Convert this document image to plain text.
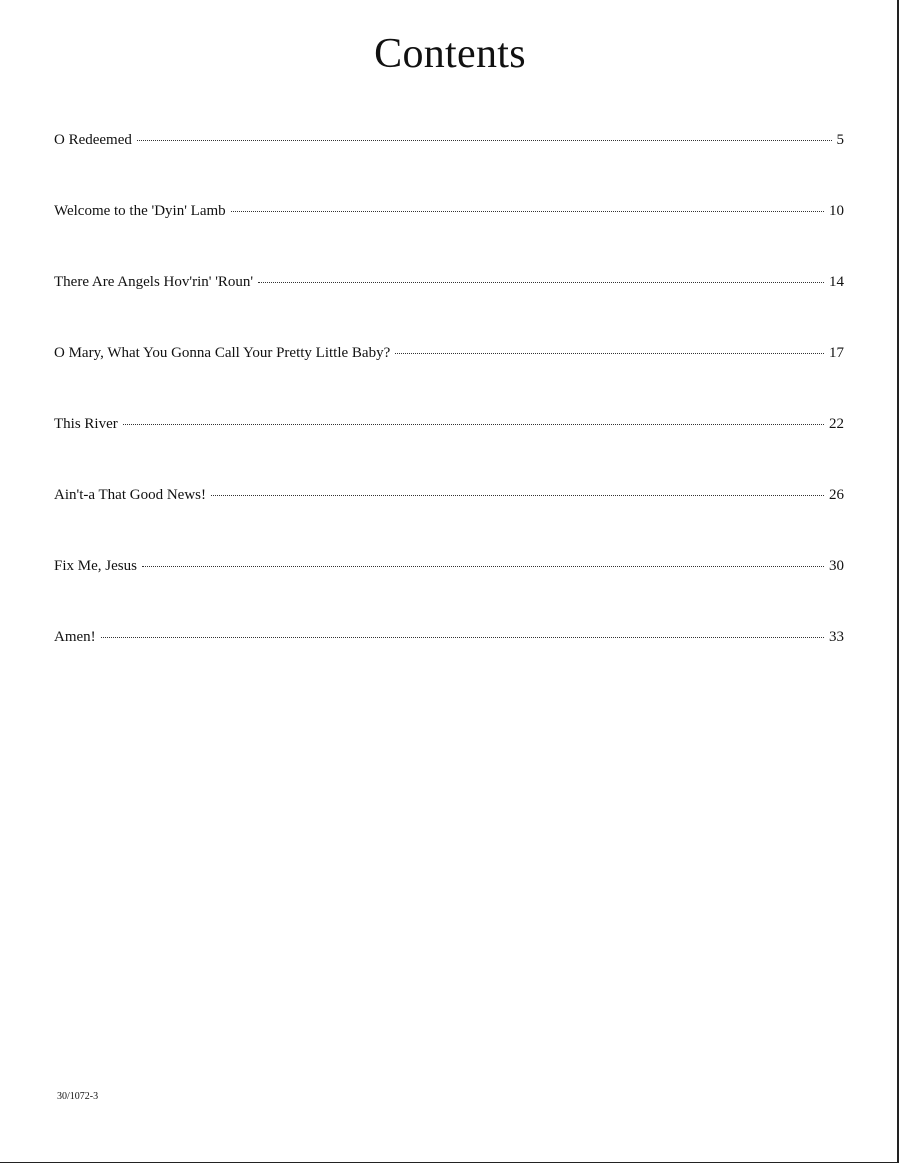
Contents
O Redeemed	5
Welcome to the 'Dyin' Lamb	10
There Are Angels Hov'rin' 'Roun'	14
O Mary, What You Gonna Call Your Pretty Little Baby?	17
This River	22
Ain't-a That Good News!	26
Fix Me, Jesus	30
Amen!	33
30/1072-3
